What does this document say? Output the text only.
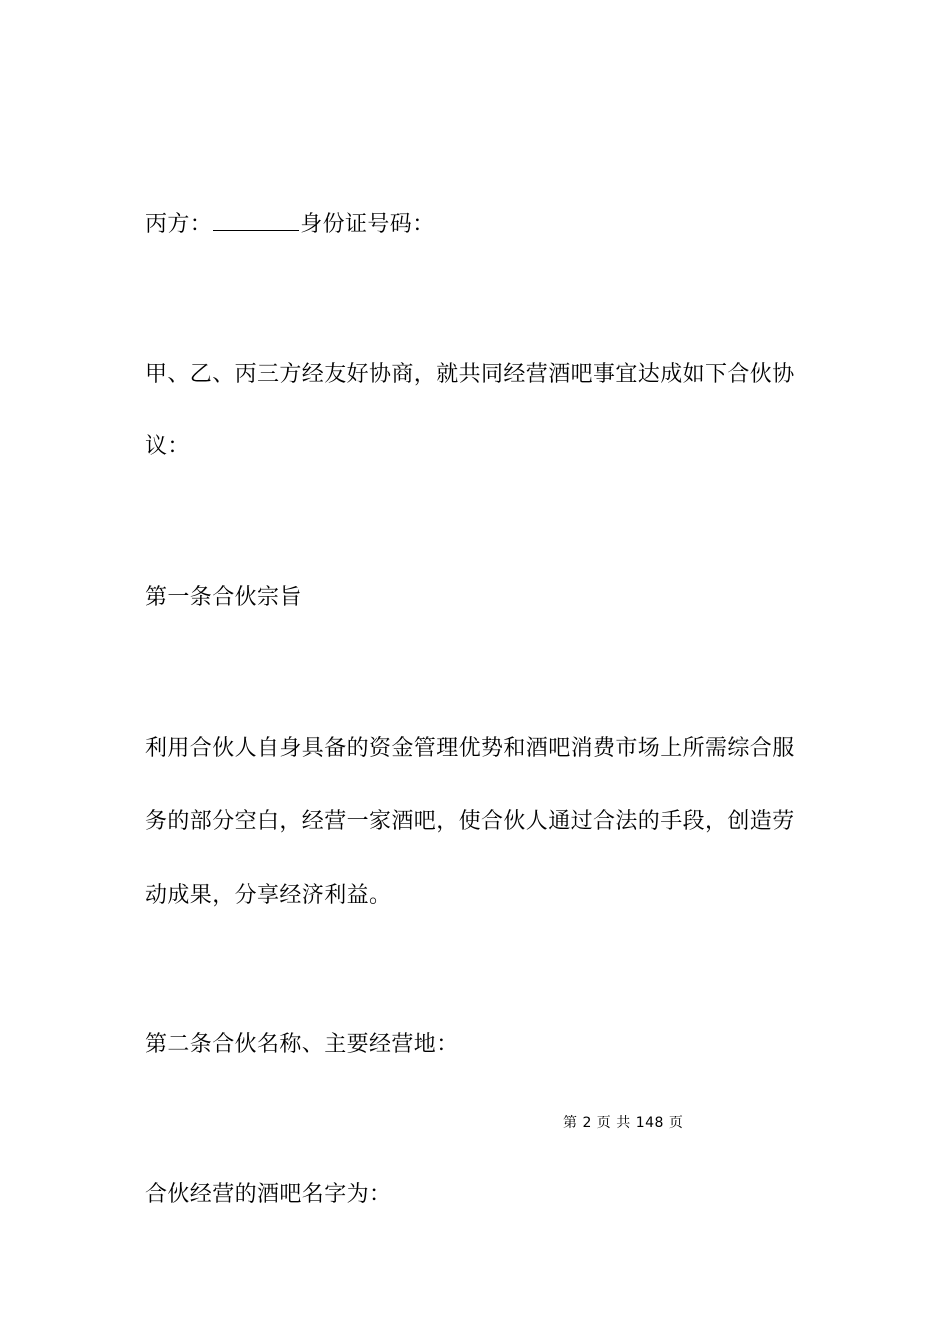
丙方：	身份证号码：
甲、乙、丙三方经友好协商，就共同经营酒吧事宜达成如下合伙协
议：
第一条合伙宗旨
利用合伙人自身具备的资金管理优势和酒吧消费市场上所需综合服
务的部分空白，经营一家酒吧，使合伙人通过合法的手段，创造劳
动成果，分享经济利益。
第二条合伙名称、主要经营地：
第 2 页 共 148 页
合伙经营的酒吧名字为：
